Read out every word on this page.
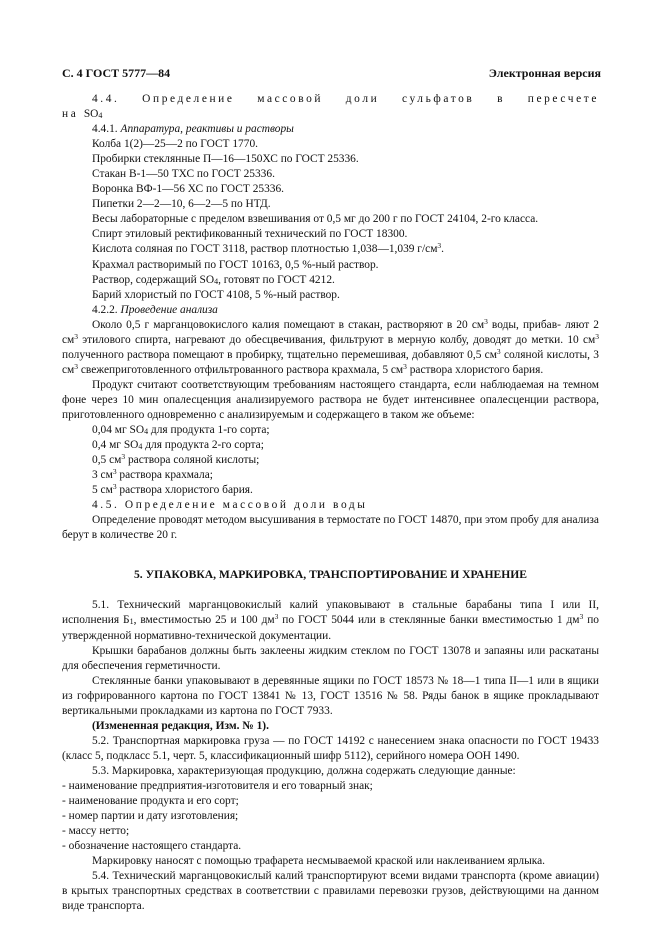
С. 4 ГОСТ 5777—84	Электронная версия
4.4. Определение массовой доли сульфатов в пересчете
на $SO_4$
4.4.1. Аппаратура, реактивы и растворы
Колба 1(2)—25—2 по ГОСТ 1770.
Пробирки стеклянные П—16—150ХС по ГОСТ 25336.
Стакан В-1—50 ТХС по ГОСТ 25336.
Воронка ВФ-1—56 ХС по ГОСТ 25336.
Пипетки 2—2—10, 6—2—5 по НТД.
Весы лабораторные с пределом взвешивания от 0,5 мг до 200 г по ГОСТ 24104, 2-го класса.
Спирт этиловый ректификованный технический по ГОСТ 18300.
Кислота соляная по ГОСТ 3118, раствор плотностью 1,038—1,039 $г/см^3$.
Крахмал растворимый по ГОСТ 10163, 0,5 %-ный раствор.
Раствор, содержащий $SO_4$, готовят по ГОСТ 4212.
Барий хлористый по ГОСТ 4108, 5 %-ный раствор.
4.2.2. Проведение анализа
Около 0,5 г марганцовокислого калия помещают в стакан, растворяют в 20 $см^3$ воды, прибав- ляют 2 $см^3$ этилового спирта, нагревают до обесцвечивания, фильтруют в мерную колбу, доводят до метки. 10 $см^3$ полученного раствора помещают в пробирку, тщательно перемешивая, добавляют 0,5 $см^3$ соляной кислоты, 3 $см^3$ свежеприготовленного отфильтрованного раствора крахмала, 5 $см^3$ раствора хлористого бария.
Продукт считают соответствующим требованиям настоящего стандарта, если наблюдаемая на темном фоне через 10 мин опалесценция анализируемого раствора не будет интенсивнее опалесценции раствора, приготовленного одновременно с анализируемым и содержащего в таком же объеме:
0,04 мг $SO_4$ для продукта 1-го сорта;
0,4 мг $SO_4$ для продукта 2-го сорта;
0,5 $см^3$ раствора соляной кислоты;
3 $см^3$ раствора крахмала;
5 $см^3$ раствора хлористого бария.
4.5. Определение массовой доли воды
Определение проводят методом высушивания в термостате по ГОСТ 14870, при этом пробу для анализа берут в количестве 20 г.
5. УПАКОВКА, МАРКИРОВКА, ТРАНСПОРТИРОВАНИЕ И ХРАНЕНИЕ
5.1. Технический марганцовокислый калий упаковывают в стальные барабаны типа I или II, исполнения $Б_1$, вместимостью 25 и 100 $дм^3$ по ГОСТ 5044 или в стеклянные банки вместимостью 1 $дм^3$ по утвержденной нормативно-технической документации.
Крышки барабанов должны быть заклеены жидким стеклом по ГОСТ 13078 и запаяны или раскатаны для обеспечения герметичности.
Стеклянные банки упаковывают в деревянные ящики по ГОСТ 18573 № 18—1 типа II—1 или в ящики из гофрированного картона по ГОСТ 13841 № 13, ГОСТ 13516 № 58. Ряды банок в ящике прокладывают вертикальными прокладками из картона по ГОСТ 7933.
(Измененная редакция, Изм. № 1).
5.2. Транспортная маркировка груза — по ГОСТ 14192 с нанесением знака опасности по ГОСТ 19433 (класс 5, подкласс 5.1, черт. 5, классификационный шифр 5112), серийного номера ООН 1490.
5.3. Маркировка, характеризующая продукцию, должна содержать следующие данные:
- наименование предприятия-изготовителя и его товарный знак;
- наименование продукта и его сорт;
- номер партии и дату изготовления;
- массу нетто;
- обозначение настоящего стандарта.
Маркировку наносят с помощью трафарета несмываемой краской или наклеиванием ярлыка.
5.4. Технический марганцовокислый калий транспортируют всеми видами транспорта (кроме авиации) в крытых транспортных средствах в соответствии с правилами перевозки грузов, действующими на данном виде транспорта.
